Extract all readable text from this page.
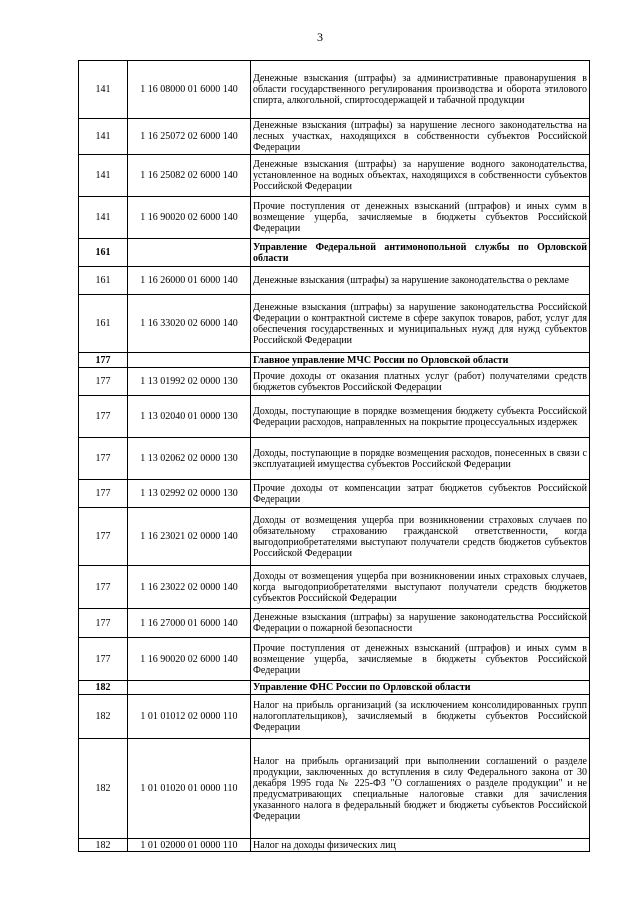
3
141	1 16 08000 01 6000 140	Денежные взыскания (штрафы) за административные правонарушения в области государственного регулирования производства и оборота этилового спирта, алкогольной, спиртосодержащей и табачной продукции
141	1 16 25072 02 6000 140	Денежные взыскания (штрафы) за нарушение лесного законодательства на лесных участках, находящихся в собственности субъектов Российской Федерации
141	1 16 25082 02 6000 140	Денежные взыскания (штрафы) за нарушение водного законодательства, установленное на водных объектах, находящихся в собственности субъектов Российской Федерации
141	1 16 90020 02 6000 140	Прочие поступления от денежных взысканий (штрафов) и иных сумм в возмещение ущерба, зачисляемые в бюджеты субъектов Российской Федерации
161		Управление Федеральной антимонопольной службы по Орловской области
161	1 16 26000 01 6000 140	Денежные взыскания (штрафы) за нарушение законодательства о рекламе
161	1 16 33020 02 6000 140	Денежные взыскания (штрафы) за нарушение законодательства Российской Федерации о контрактной системе в сфере закупок товаров, работ, услуг для обеспечения государственных и муниципальных нужд для нужд субъектов Российской Федерации
177		Главное управление МЧС России по Орловской области
177	1 13 01992 02 0000 130	Прочие доходы от оказания платных услуг (работ) получателями средств бюджетов субъектов Российской Федерации
177	1 13 02040 01 0000 130	Доходы, поступающие в порядке возмещения бюджету субъекта Российской Федерации расходов, направленных на покрытие процессуальных издержек
177	1 13 02062 02 0000 130	Доходы, поступающие в порядке возмещения расходов, понесенных в связи с эксплуатацией имущества субъектов Российской Федерации
177	1 13 02992 02 0000 130	Прочие доходы от компенсации затрат бюджетов субъектов Российской Федерации
177	1 16 23021 02 0000 140	Доходы от возмещения ущерба при возникновении страховых случаев по обязательному страхованию гражданской ответственности, когда выгодоприобретателями выступают получатели средств бюджетов субъектов Российской Федерации
177	1 16 23022 02 0000 140	Доходы от возмещения ущерба при возникновении иных страховых случаев, когда выгодоприобретателями выступают получатели средств бюджетов субъектов Российской Федерации
177	1 16 27000 01 6000 140	Денежные взыскания (штрафы) за нарушение законодательства Российской Федерации о пожарной безопасности
177	1 16 90020 02 6000 140	Прочие поступления от денежных взысканий (штрафов) и иных сумм в возмещение ущерба, зачисляемые в бюджеты субъектов Российской Федерации
182		Управление ФНС России по Орловской области
182	1 01 01012 02 0000 110	Налог на прибыль организаций (за исключением консолидированных групп налогоплательщиков), зачисляемый в бюджеты субъектов Российской Федерации
182	1 01 01020 01 0000 110	Налог на прибыль организаций при выполнении соглашений о разделе продукции, заключенных до вступления в силу Федерального закона от 30 декабря 1995 года № 225-ФЗ "О соглашениях о разделе продукции" и не предусматривающих специальные налоговые ставки для зачисления указанного налога в федеральный бюджет и бюджеты субъектов Российской Федерации
182	1 01 02000 01 0000 110	Налог на доходы физических лиц
